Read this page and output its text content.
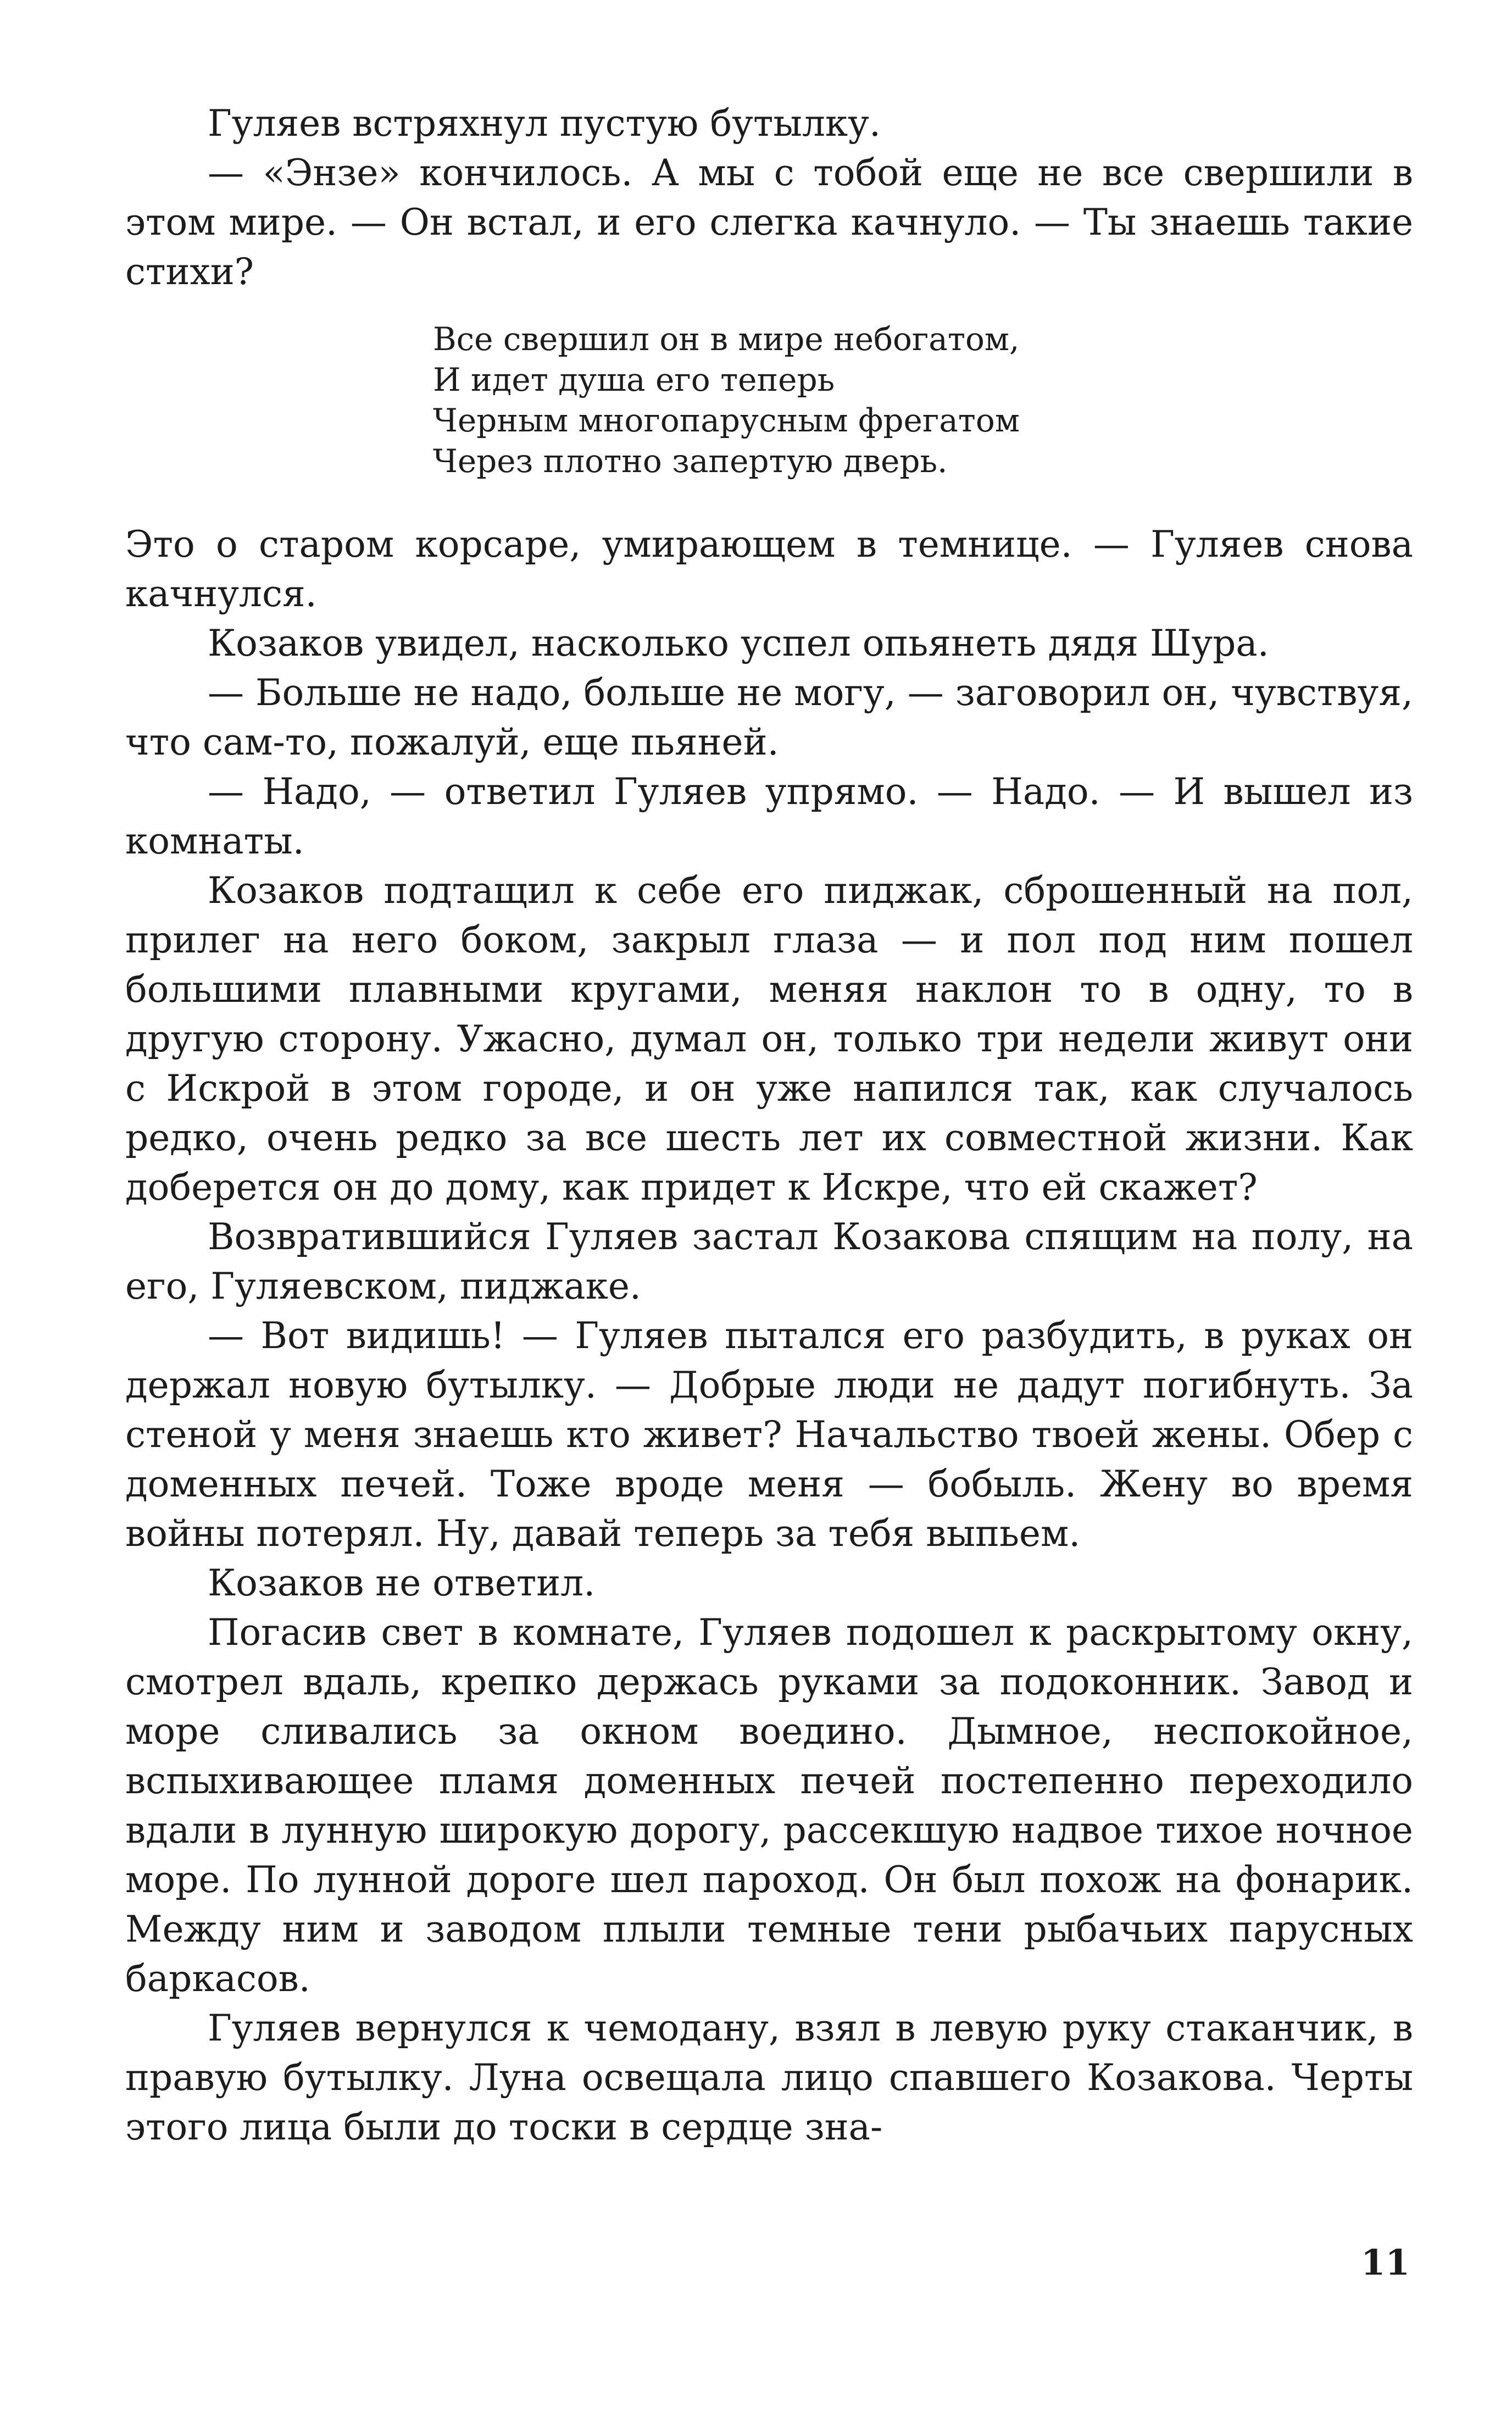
Гуляев встряхнул пустую бутылку.

— «Энзе» кончилось. А мы с тобой еще не все свершили в этом мире. — Он встал, и его слегка качнуло. — Ты знаешь такие стихи?

Все свершил он в мире небогатом,
И идет душа его теперь
Черным многопарусным фрегатом
Через плотно запертую дверь.

Это о старом корсаре, умирающем в темнице. — Гуляев снова качнулся.

Козаков увидел, насколько успел опьянеть дядя Шура.

— Больше не надо, больше не могу, — заговорил он, чувствуя, что сам-то, пожалуй, еще пьяней.

— Надо, — ответил Гуляев упрямо. — Надо. — И вышел из комнаты.

Козаков подтащил к себе его пиджак, сброшенный на пол, прилег на него боком, закрыл глаза — и пол под ним пошел большими плавными кругами, меняя наклон то в одну, то в другую сторону. Ужасно, думал он, только три недели живут они с Искрой в этом городе, и он уже напился так, как случалось редко, очень редко за все шесть лет их совместной жизни. Как доберется он до дому, как придет к Искре, что ей скажет?

Возвратившийся Гуляев застал Козакова спящим на полу, на его, Гуляевском, пиджаке.

— Вот видишь! — Гуляев пытался его разбудить, в руках он держал новую бутылку. — Добрые люди не дадут погибнуть. За стеной у меня знаешь кто живет? Начальство твоей жены. Обер с доменных печей. Тоже вроде меня — бобыль. Жену во время войны потерял. Ну, давай теперь за тебя выпьем.

Козаков не ответил.

Погасив свет в комнате, Гуляев подошел к раскрытому окну, смотрел вдаль, крепко держась руками за подоконник. Завод и море сливались за окном воедино. Дымное, неспокойное, вспыхивающее пламя доменных печей постепенно переходило вдали в лунную широкую дорогу, рассекшую надвое тихое ночное море. По лунной дороге шел пароход. Он был похож на фонарик. Между ним и заводом плыли темные тени рыбачьих парусных баркасов.

Гуляев вернулся к чемодану, взял в левую руку стаканчик, в правую бутылку. Луна освещала лицо спавшего Козакова. Черты этого лица были до тоски в сердце зна-

11
